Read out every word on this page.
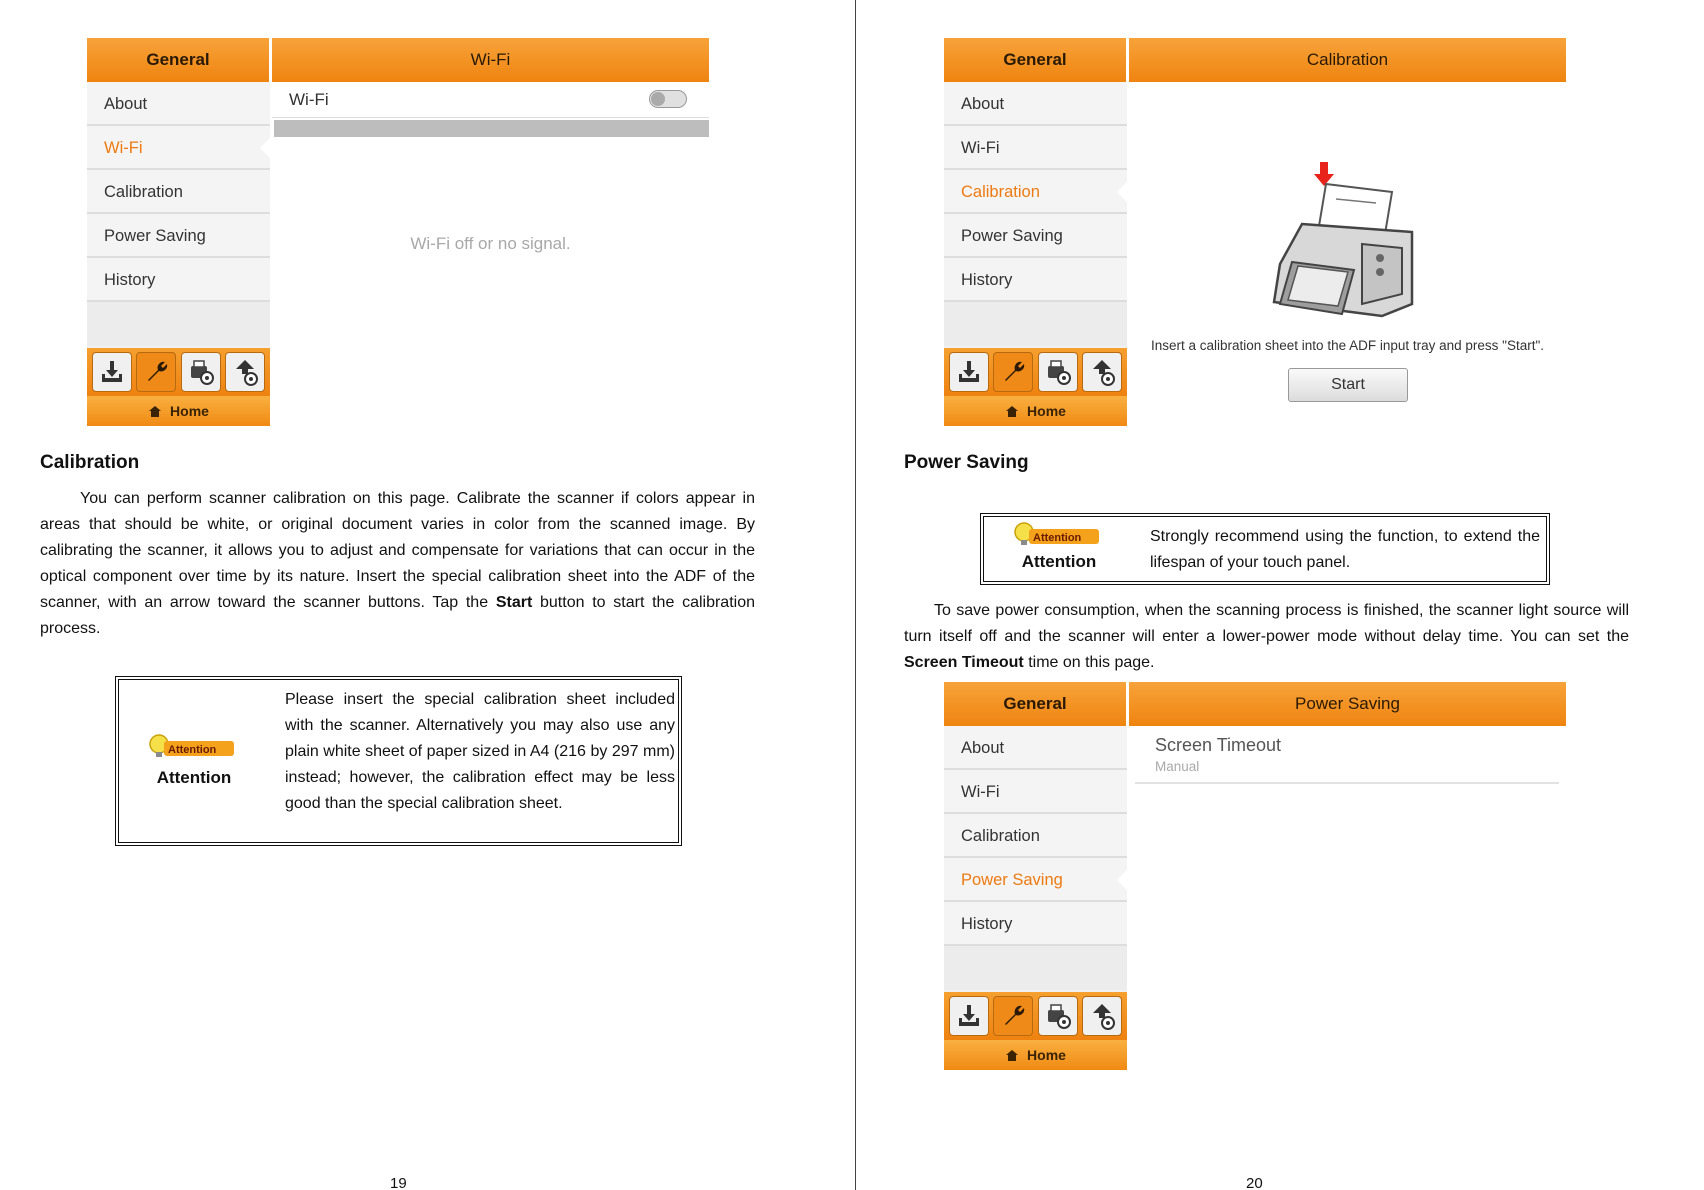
General	Wi-Fi
About
Wi-Fi
Calibration
Power Saving
History
Home
Wi-Fi
Wi-Fi off or no signal.
Calibration
You can perform scanner calibration on this page. Calibrate the scanner if colors appear in areas that should be white, or original document varies in color from the scanned image. By calibrating the scanner, it allows you to adjust and compensate for variations that can occur in the optical component over time by its nature. Insert the special calibration sheet into the ADF of the scanner, with an arrow toward the scanner buttons. Tap the Start button to start the calibration process.
Attention
Attention
Please insert the special calibration sheet included with the scanner. Alternatively you may also use any plain white sheet of paper sized in A4 (216 by 297 mm) instead; however, the calibration effect may be less good than the special calibration sheet.
19
General	Calibration
About
Wi-Fi
Calibration
Power Saving
History
Home
Insert a calibration sheet into the ADF input tray and press "Start".
Start
Power Saving
Attention
Attention
Strongly recommend using the function, to extend the lifespan of your touch panel.
To save power consumption, when the scanning process is finished, the scanner light source will turn itself off and the scanner will enter a lower-power mode without delay time. You can set the Screen Timeout time on this page.
General	Power Saving
About
Wi-Fi
Calibration
Power Saving
History
Home
Screen Timeout
Manual
20
